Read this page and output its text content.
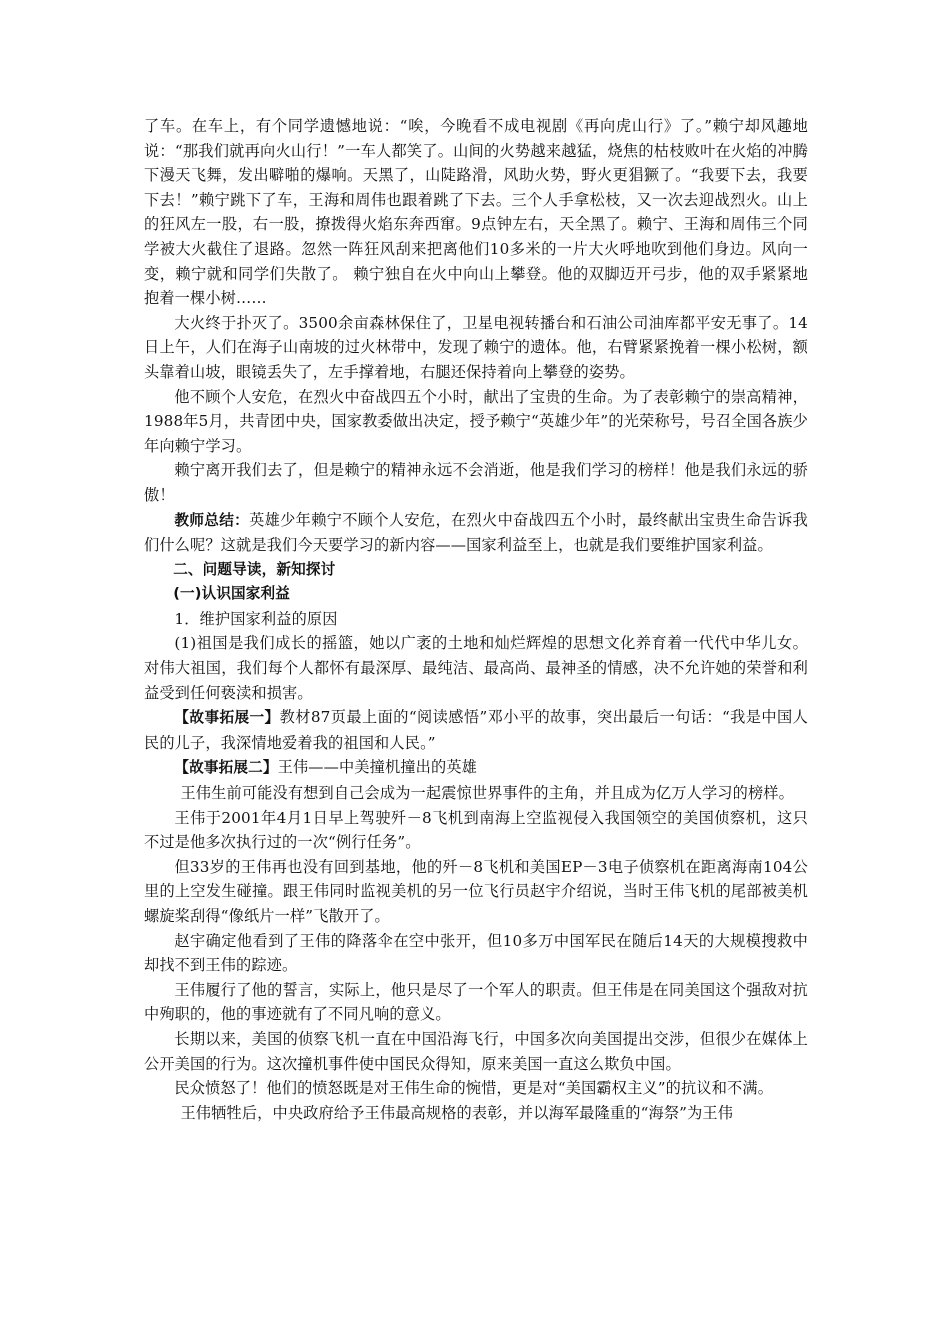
了车。在车上，有个同学遗憾地说：“唉，今晚看不成电视剧《再向虎山行》了。”赖宁却风趣地说：“那我们就再向火山行！”一车人都笑了。山间的火势越来越猛，烧焦的枯枝败叶在火焰的冲腾下漫天飞舞，发出噼啪的爆响。天黑了，山陡路滑，风助火势，野火更猖獗了。“我要下去，我要下去！”赖宁跳下了车，王海和周伟也跟着跳了下去。三个人手拿松枝，又一次去迎战烈火。山上的狂风左一股，右一股，撩拨得火焰东奔西窜。9点钟左右，天全黑了。赖宁、王海和周伟三个同学被大火截住了退路。忽然一阵狂风刮来把离他们10多米的一片大火呼地吹到他们身边。风向一变，赖宁就和同学们失散了。 赖宁独自在火中向山上攀登。他的双脚迈开弓步，他的双手紧紧地抱着一棵小树……

大火终于扑灭了。3500余亩森林保住了，卫星电视转播台和石油公司油库都平安无事了。14日上午，人们在海子山南坡的过火林带中，发现了赖宁的遗体。他，右臂紧紧挽着一棵小松树，额头靠着山坡，眼镜丢失了，左手撑着地，右腿还保持着向上攀登的姿势。

他不顾个人安危，在烈火中奋战四五个小时，献出了宝贵的生命。为了表彰赖宁的崇高精神，1988年5月，共青团中央，国家教委做出决定，授予赖宁“英雄少年”的光荣称号，号召全国各族少年向赖宁学习。

赖宁离开我们去了，但是赖宁的精神永远不会消逝，他是我们学习的榜样！他是我们永远的骄傲！

教师总结：英雄少年赖宁不顾个人安危，在烈火中奋战四五个小时，最终献出宝贵生命告诉我们什么呢？这就是我们今天要学习的新内容——国家利益至上，也就是我们要维护国家利益。

二、问题导读，新知探讨

(一)认识国家利益

1．维护国家利益的原因

(1)祖国是我们成长的摇篮，她以广袤的土地和灿烂辉煌的思想文化养育着一代代中华儿女。对伟大祖国，我们每个人都怀有最深厚、最纯洁、最高尚、最神圣的情感，决不允许她的荣誉和利益受到任何亵渎和损害。

【故事拓展一】教材87页最上面的“阅读感悟”邓小平的故事，突出最后一句话：“我是中国人民的儿子，我深情地爱着我的祖国和人民。”

【故事拓展二】王伟——中美撞机撞出的英雄

王伟生前可能没有想到自己会成为一起震惊世界事件的主角，并且成为亿万人学习的榜样。

王伟于2001年4月1日早上驾驶歼－8飞机到南海上空监视侵入我国领空的美国侦察机，这只不过是他多次执行过的一次“例行任务”。

但33岁的王伟再也没有回到基地，他的歼－8飞机和美国EP－3电子侦察机在距离海南104公里的上空发生碰撞。跟王伟同时监视美机的另一位飞行员赵宇介绍说，当时王伟飞机的尾部被美机螺旋桨刮得“像纸片一样”飞散开了。

赵宇确定他看到了王伟的降落伞在空中张开，但10多万中国军民在随后14天的大规模搜救中却找不到王伟的踪迹。

王伟履行了他的誓言，实际上，他只是尽了一个军人的职责。但王伟是在同美国这个强敌对抗中殉职的，他的事迹就有了不同凡响的意义。

长期以来，美国的侦察飞机一直在中国沿海飞行，中国多次向美国提出交涉，但很少在媒体上公开美国的行为。这次撞机事件使中国民众得知，原来美国一直这么欺负中国。

民众愤怒了！他们的愤怒既是对王伟生命的惋惜，更是对“美国霸权主义”的抗议和不满。

王伟牺牲后，中央政府给予王伟最高规格的表彰，并以海军最隆重的“海祭”为王伟
